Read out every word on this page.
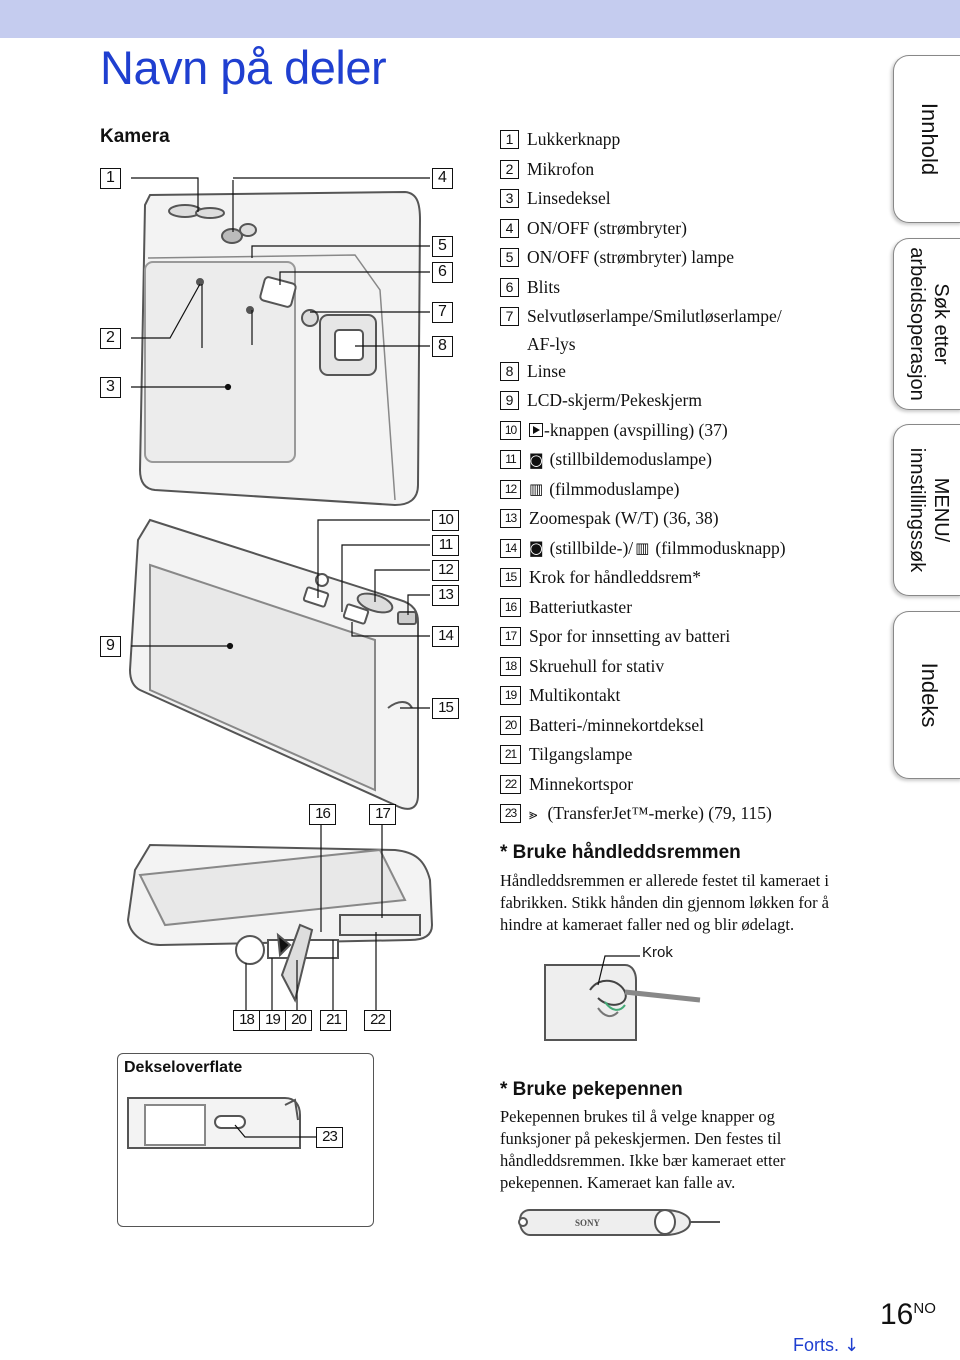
Navn på deler
Kamera
SONY
1
2
3
9
4
5
6
7
8
10
11
12
13
14
15
16	17
18 19 20	21	22
Dekseloverflate
23
1 Lukkerknapp
2 Mikrofon
3 Linsedeksel
4 ON/OFF (strømbryter)
5 ON/OFF (strømbryter) lampe
6 Blits
7 Selvutløserlampe/Smilutløserlampe/
AF-lys
8 Linse
9 LCD-skjerm/Pekeskjerm
10 -knappen (avspilling) (37)
11 ◙ (stillbildemoduslampe)
12 ▥ (filmmoduslampe)
13 Zoomespak (W/T) (36, 38)
14 ◙ (stillbilde-)/ ▥ (filmmodusknapp)
15 Krok for håndleddsrem*
16 Batteriutkaster
17 Spor for innsetting av batteri
18 Skruehull for stativ
19 Multikontakt
20 Batteri-/minnekortdeksel
21 Tilgangslampe
22 Minnekortspor
23 ⪢ (TransferJet™-merke) (79, 115)
* Bruke håndleddsremmen
Håndleddsremmen er allerede festet til kameraet i
fabrikken. Stikk hånden din gjennom løkken for å
hindre at kameraet faller ned og blir ødelagt.
Krok
* Bruke pekepennen
Pekepennen brukes til å velge knapper og
funksjoner på pekeskjermen. Den festes til
håndleddsremmen. Ikke bær kameraet etter
pekepennen. Kameraet kan falle av.
Innhold
Søk etter
arbeidsoperasjon
MENU/
innstillingssøk
Indeks
$16^{NO}$
Forts. ↓
